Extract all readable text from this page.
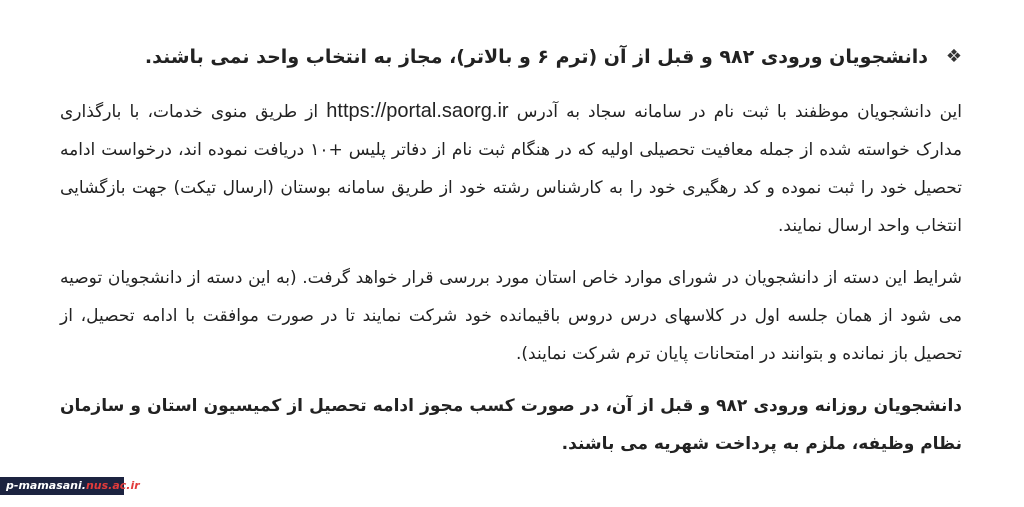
❖
دانشجویان ورودی ۹۸۲ و قبل از آن (ترم ۶ و بالاتر)، مجاز به انتخاب واحد نمی باشند.

این دانشجویان موظفند با ثبت نام در سامانه سجاد به آدرس https://portal.saorg.ir از طریق منوی خدمات، با بارگذاری مدارک خواسته شده از جمله معافیت تحصیلی اولیه که در هنگام ثبت نام از دفاتر پلیس +۱۰ دریافت نموده اند، درخواست ادامه تحصیل خود را ثبت نموده و کد رهگیری خود را به کارشناس رشته خود از طریق سامانه بوستان (ارسال تیکت) جهت بازگشایی انتخاب واحد ارسال نمایند.

شرایط این دسته از دانشجویان در شورای موارد خاص استان مورد بررسی قرار خواهد گرفت. (به این دسته از دانشجویان توصیه می شود از همان جلسه اول در کلاسهای درس دروس باقیمانده خود شرکت نمایند تا در صورت موافقت با ادامه تحصیل، از تحصیل باز نمانده و بتوانند در امتحانات پایان ترم شرکت نمایند).

دانشجویان روزانه ورودی ۹۸۲ و قبل از آن، در صورت کسب مجوز ادامه تحصیل از کمیسیون استان و سازمان نظام وظیفه، ملزم به پرداخت شهریه می باشند.

p-mamasani.nus.ac.ir
